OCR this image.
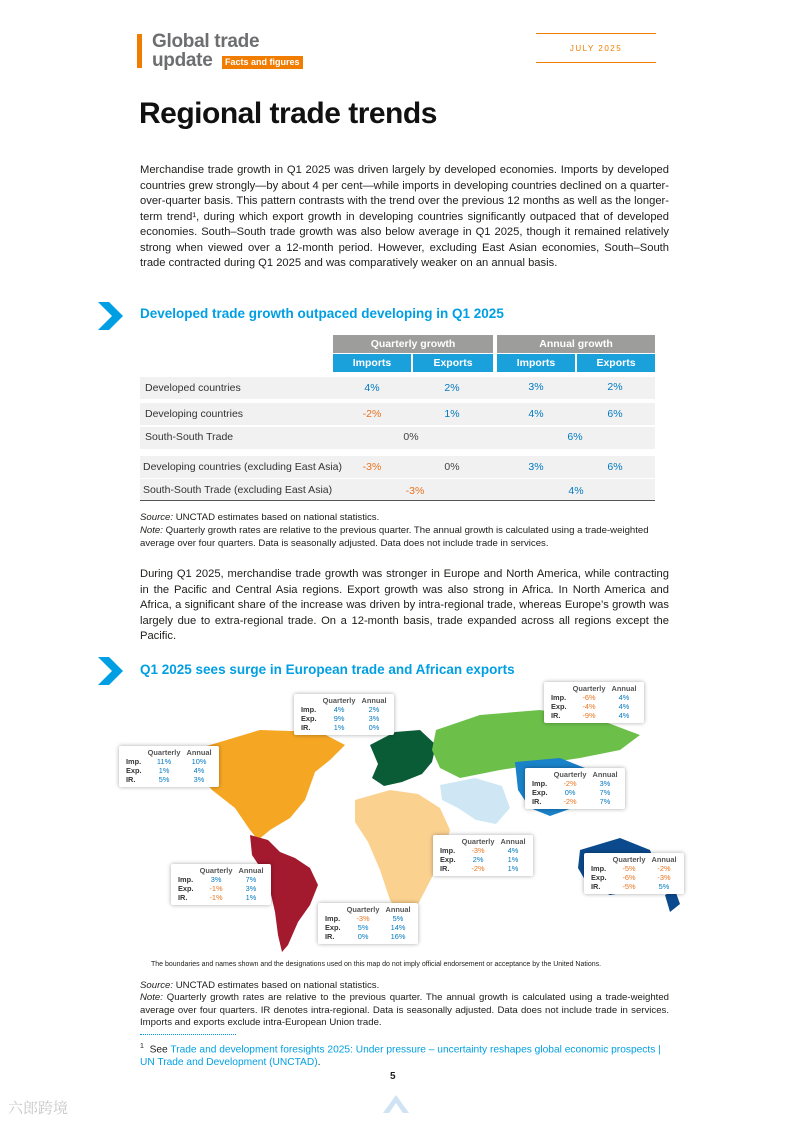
Global trade
update	Facts and figures
JULY 2025
Regional trade trends
Merchandise trade growth in Q1 2025 was driven largely by developed economies. Imports by developed countries grew strongly—by about 4 per cent—while imports in developing countries declined on a quarter-over-quarter basis. This pattern contrasts with the trend over the previous 12 months as well as the longer-term trend¹, during which export growth in developing countries significantly outpaced that of developed economies. South–South trade growth was also below average in Q1 2025, though it remained relatively strong when viewed over a 12-month period. However, excluding East Asian economies, South–South trade contracted during Q1 2025 and was comparatively weaker on an annual basis.
Developed trade growth outpaced developing in Q1 2025
Quarterly growth	Annual growth
Imports	Exports	Imports	Exports
Developed countries	4%	2%	3%	2%
Developing countries	-2%	1%	4%	6%
South-South Trade	0%	6%
Developing countries (excluding East Asia)	-3%	0%	3%	6%
South-South Trade (excluding East Asia)	-3%	4%
Source: UNCTAD estimates based on national statistics.
Note: Quarterly growth rates are relative to the previous quarter. The annual growth is calculated using a trade-weighted average over four quarters. Data is seasonally adjusted. Data does not include trade in services.
During Q1 2025, merchandise trade growth was stronger in Europe and North America, while contracting in the Pacific and Central Asia regions. Export growth was also strong in Africa. In North America and Africa, a significant share of the increase was driven by intra-regional trade, whereas Europe’s growth was largely due to extra-regional trade. On a 12-month basis, trade expanded across all regions except the Pacific.
Q1 2025 sees surge in European trade and African exports
	Quarterly	Annual
Imp.	4%	2%
Exp.	9%	3%
IR.	1%	0%
	Quarterly	Annual
Imp.	-6%	4%
Exp.	-4%	4%
IR.	-9%	4%
	Quarterly	Annual
Imp.	11%	10%
Exp.	1%	4%
IR.	5%	3%
	Quarterly	Annual
Imp.	-2%	3%
Exp.	0%	7%
IR.	-2%	7%
	Quarterly	Annual
Imp.	-3%	4%
Exp.	2%	1%
IR.	-2%	1%
	Quarterly	Annual
Imp.	-5%	-2%
Exp.	-6%	-3%
IR.	-5%	5%
	Quarterly	Annual
Imp.	3%	7%
Exp.	-1%	3%
IR.	-1%	1%
	Quarterly	Annual
Imp.	-3%	5%
Exp.	5%	14%
IR.	0%	16%
The boundaries and names shown and the designations used on this map do not imply official endorsement or acceptance by the United Nations.
Source: UNCTAD estimates based on national statistics.
Note: Quarterly growth rates are relative to the previous quarter. The annual growth is calculated using a trade-weighted average over four quarters. IR denotes intra-regional. Data is seasonally adjusted. Data does not include trade in services. Imports and exports exclude intra-European Union trade.
$^1$ See Trade and development foresights 2025: Under pressure – uncertainty reshapes global economic prospects | UN Trade and Development (UNCTAD).
5
六郎跨境
